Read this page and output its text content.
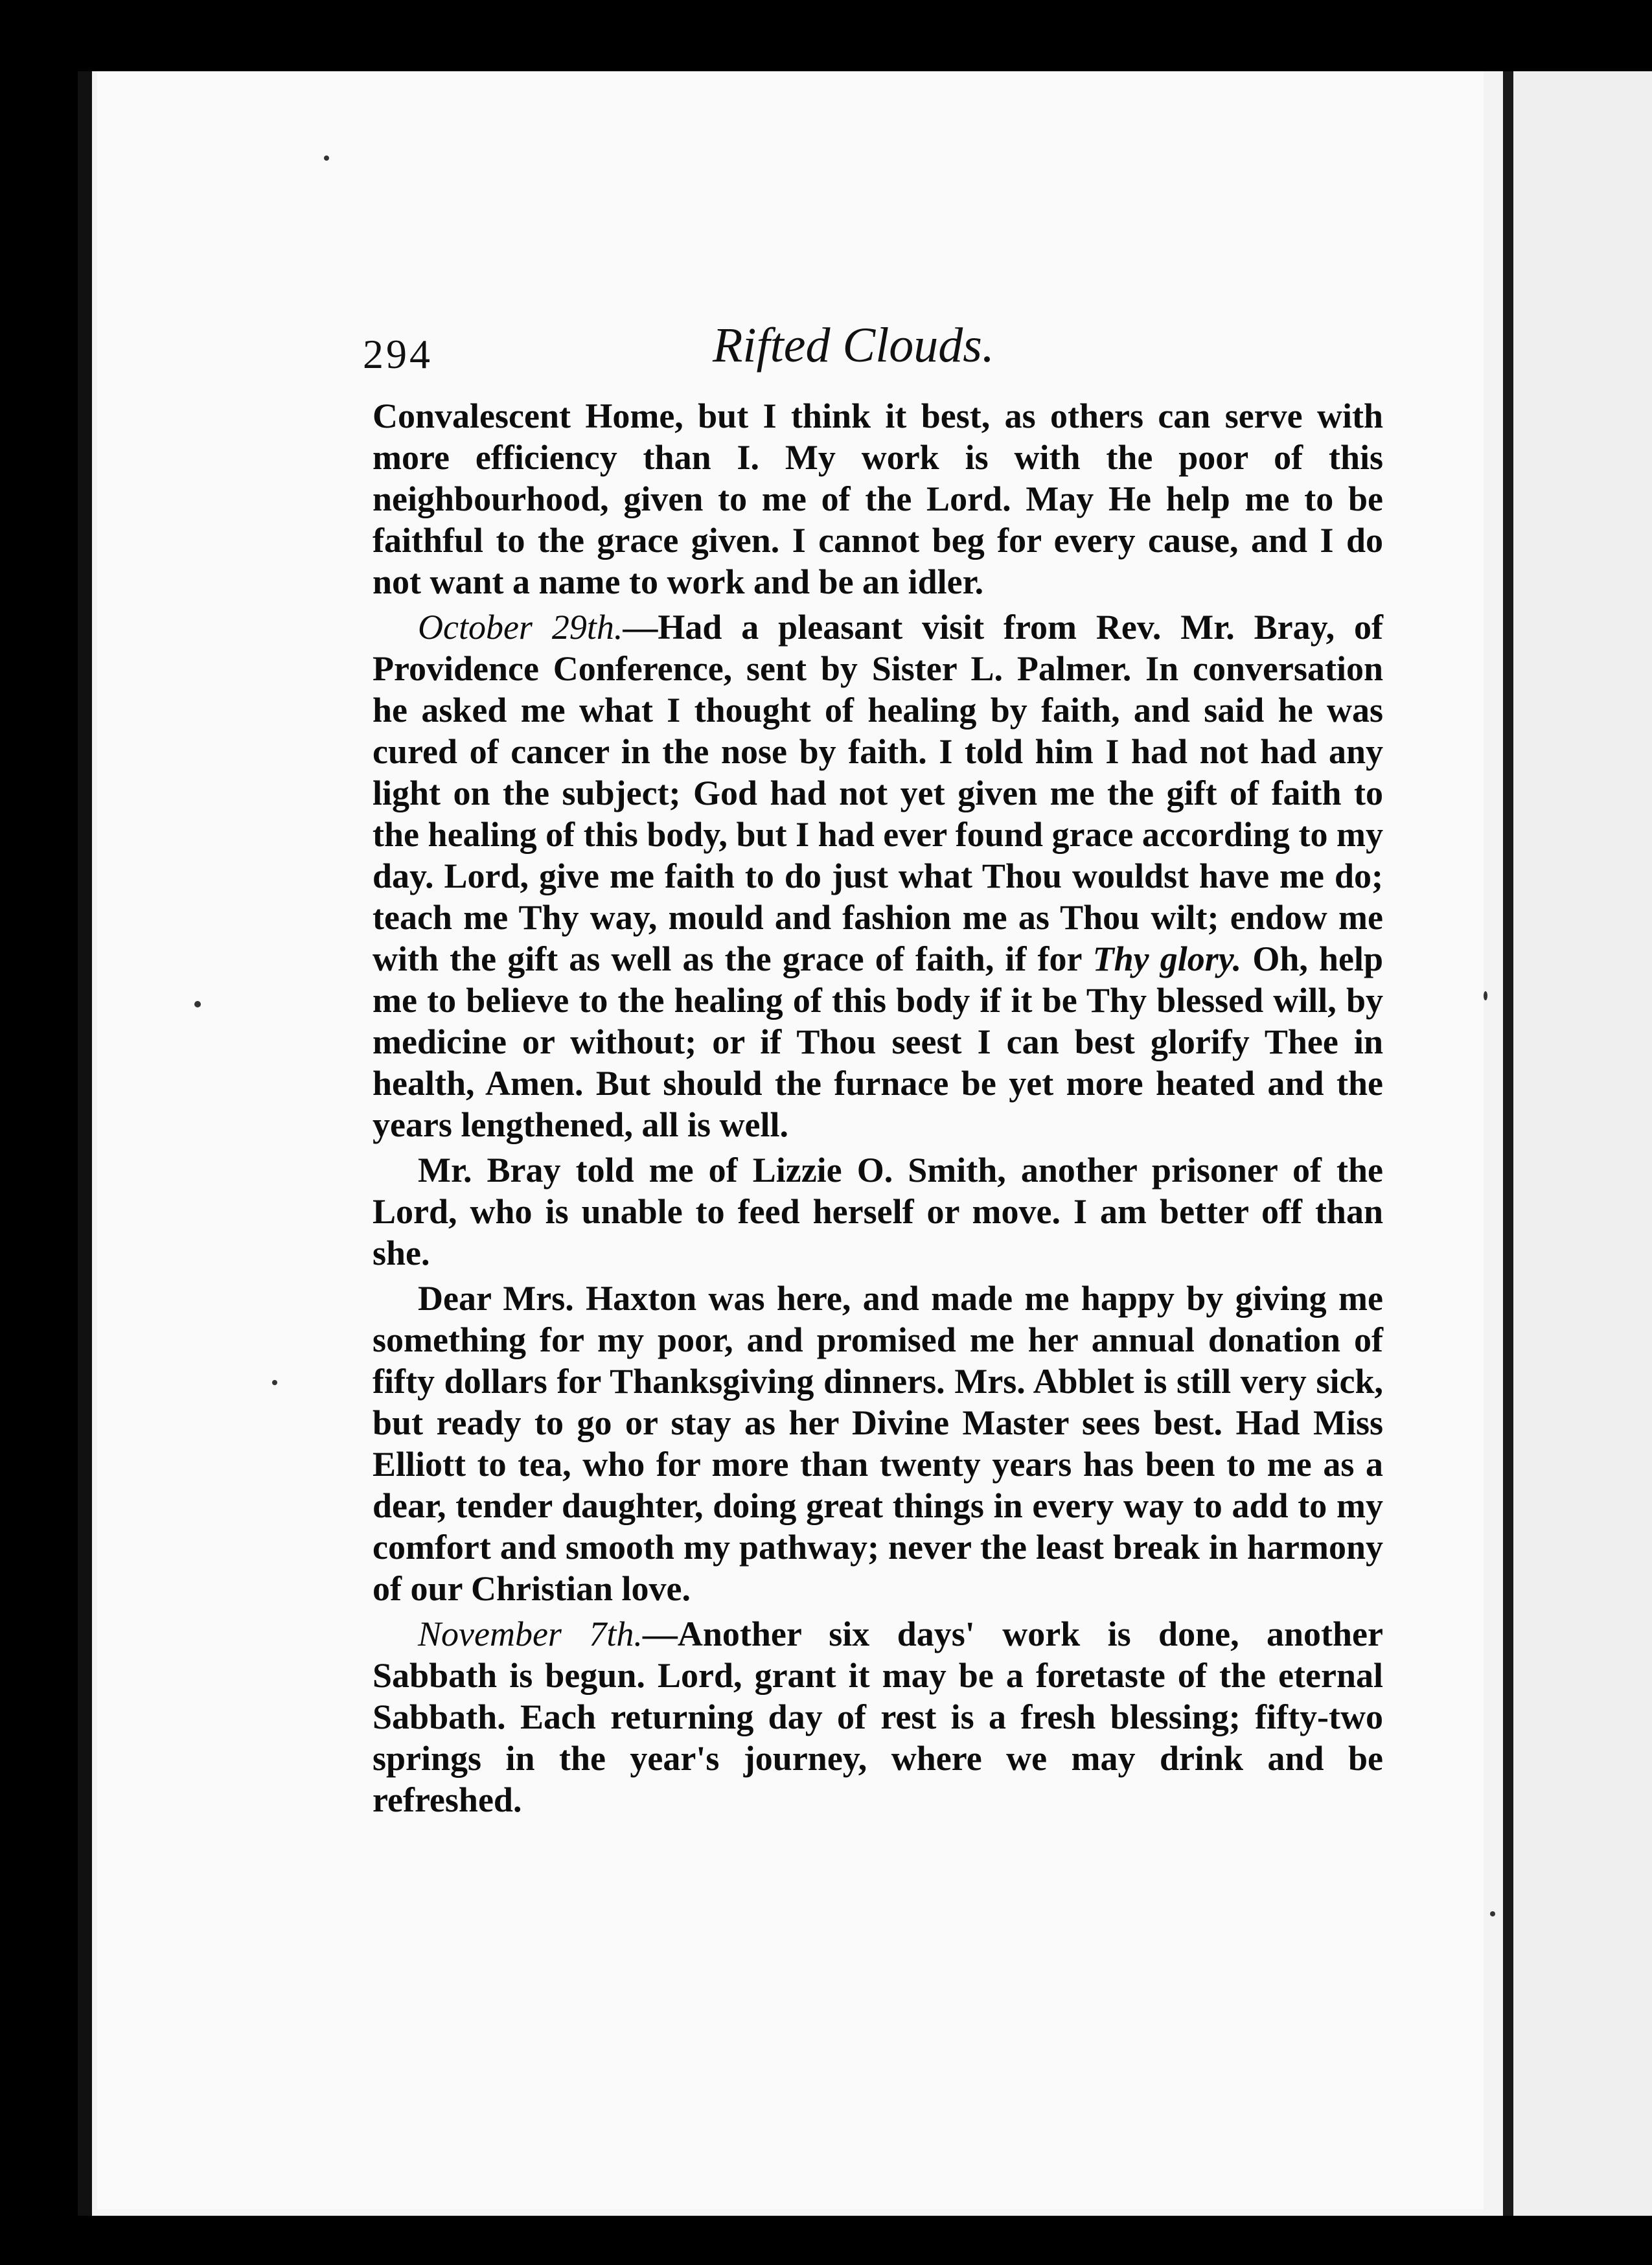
294	Rifted Clouds.

Convalescent Home, but I think it best, as others can serve with more efficiency than I. My work is with the poor of this neighbourhood, given to me of the Lord. May He help me to be faithful to the grace given. I cannot beg for every cause, and I do not want a name to work and be an idler.

October 29th.—Had a pleasant visit from Rev. Mr. Bray, of Providence Conference, sent by Sister L. Palmer. In conversation he asked me what I thought of healing by faith, and said he was cured of cancer in the nose by faith. I told him I had not had any light on the subject; God had not yet given me the gift of faith to the healing of this body, but I had ever found grace according to my day. Lord, give me faith to do just what Thou wouldst have me do; teach me Thy way, mould and fashion me as Thou wilt; endow me with the gift as well as the grace of faith, if for Thy glory. Oh, help me to believe to the healing of this body if it be Thy blessed will, by medicine or without; or if Thou seest I can best glorify Thee in health, Amen. But should the furnace be yet more heated and the years lengthened, all is well.

Mr. Bray told me of Lizzie O. Smith, another prisoner of the Lord, who is unable to feed herself or move. I am better off than she.

Dear Mrs. Haxton was here, and made me happy by giving me something for my poor, and promised me her annual donation of fifty dollars for Thanksgiving dinners. Mrs. Abblet is still very sick, but ready to go or stay as her Divine Master sees best. Had Miss Elliott to tea, who for more than twenty years has been to me as a dear, tender daughter, doing great things in every way to add to my comfort and smooth my pathway; never the least break in harmony of our Christian love.

November 7th.—Another six days' work is done, another Sabbath is begun. Lord, grant it may be a foretaste of the eternal Sabbath. Each returning day of rest is a fresh blessing; fifty-two springs in the year's journey, where we may drink and be refreshed.
